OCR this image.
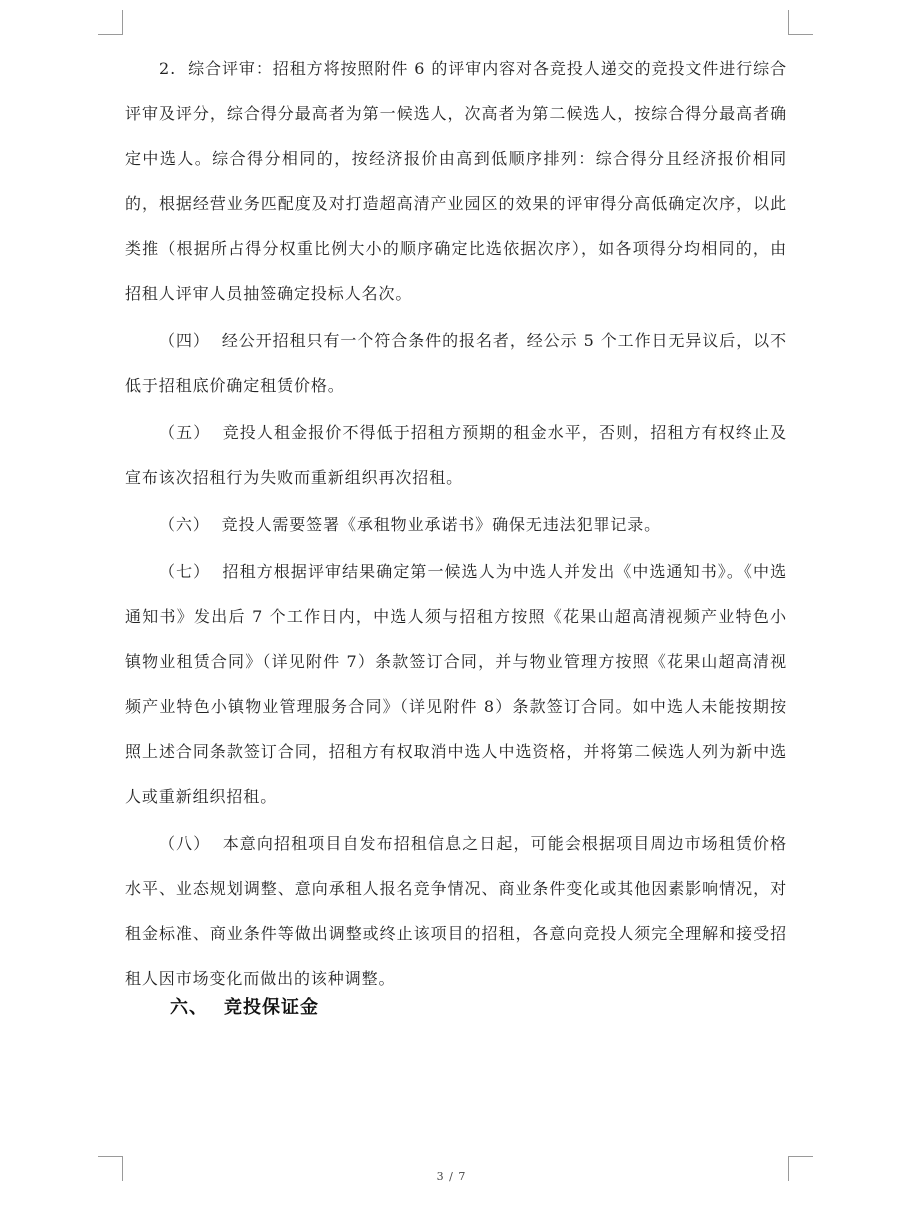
2.  综合评审：招租方将按照附件 6 的评审内容对各竞投人递交的竞投文件进行综合评审及评分，综合得分最高者为第一候选人，次高者为第二候选人，按综合得分最高者确定中选人。综合得分相同的，按经济报价由高到低顺序排列：综合得分且经济报价相同的，根据经营业务匹配度及对打造超高清产业园区的效果的评审得分高低确定次序，以此类推（根据所占得分权重比例大小的顺序确定比选依据次序），如各项得分均相同的，由招租人评审人员抽签确定投标人名次。

（四）  经公开招租只有一个符合条件的报名者，经公示 5 个工作日无异议后，以不低于招租底价确定租赁价格。

（五）  竞投人租金报价不得低于招租方预期的租金水平，否则，招租方有权终止及宣布该次招租行为失败而重新组织再次招租。

（六）  竞投人需要签署《承租物业承诺书》确保无违法犯罪记录。

（七）  招租方根据评审结果确定第一候选人为中选人并发出《中选通知书》。《中选通知书》发出后 7 个工作日内，中选人须与招租方按照《花果山超高清视频产业特色小镇物业租赁合同》（详见附件 7）条款签订合同，并与物业管理方按照《花果山超高清视频产业特色小镇物业管理服务合同》（详见附件 8）条款签订合同。如中选人未能按期按照上述合同条款签订合同，招租方有权取消中选人中选资格，并将第二候选人列为新中选人或重新组织招租。

（八）  本意向招租项目自发布招租信息之日起，可能会根据项目周边市场租赁价格水平、业态规划调整、意向承租人报名竞争情况、商业条件变化或其他因素影响情况，对租金标准、商业条件等做出调整或终止该项目的招租，各意向竞投人须完全理解和接受招租人因市场变化而做出的该种调整。

六、 竞投保证金
3 / 7
